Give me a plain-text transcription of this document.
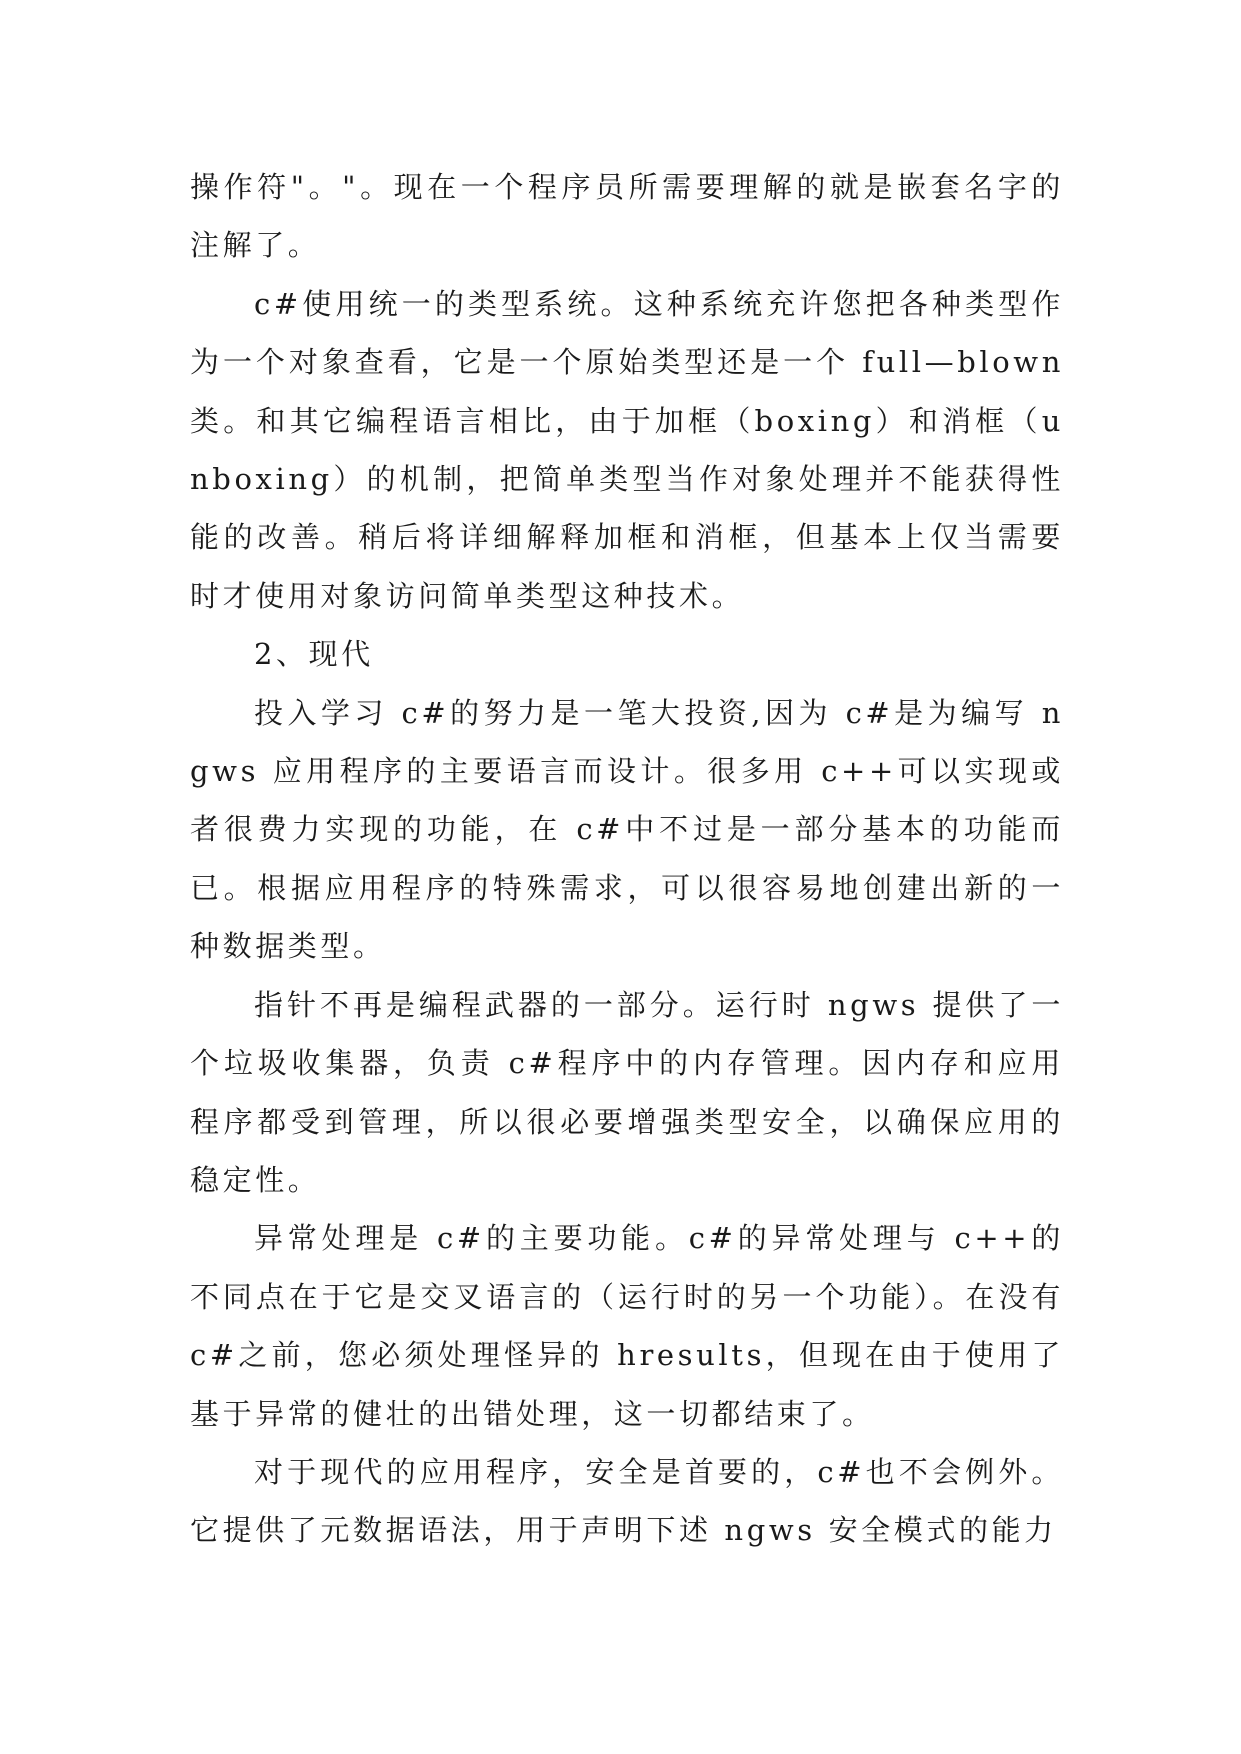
操作符"。"。现在一个程序员所需要理解的就是嵌套名字的注解了。

c#使用统一的类型系统。这种系统充许您把各种类型作为一个对象查看，它是一个原始类型还是一个 full—blown 类。和其它编程语言相比，由于加框（boxing）和消框（unboxing）的机制，把简单类型当作对象处理并不能获得性能的改善。稍后将详细解释加框和消框，但基本上仅当需要时才使用对象访问简单类型这种技术。

2、现代

投入学习 c#的努力是一笔大投资,因为 c#是为编写 ngws 应用程序的主要语言而设计。很多用 c++可以实现或者很费力实现的功能，在 c#中不过是一部分基本的功能而已。根据应用程序的特殊需求，可以很容易地创建出新的一种数据类型。

指针不再是编程武器的一部分。运行时 ngws 提供了一个垃圾收集器，负责 c#程序中的内存管理。因内存和应用程序都受到管理，所以很必要增强类型安全，以确保应用的稳定性。

异常处理是 c#的主要功能。c#的异常处理与 c++的不同点在于它是交叉语言的（运行时的另一个功能）。在没有 c#之前，您必须处理怪异的 hresults，但现在由于使用了基于异常的健壮的出错处理，这一切都结束了。

对于现代的应用程序，安全是首要的，c#也不会例外。它提供了元数据语法，用于声明下述 ngws 安全模式的能力
